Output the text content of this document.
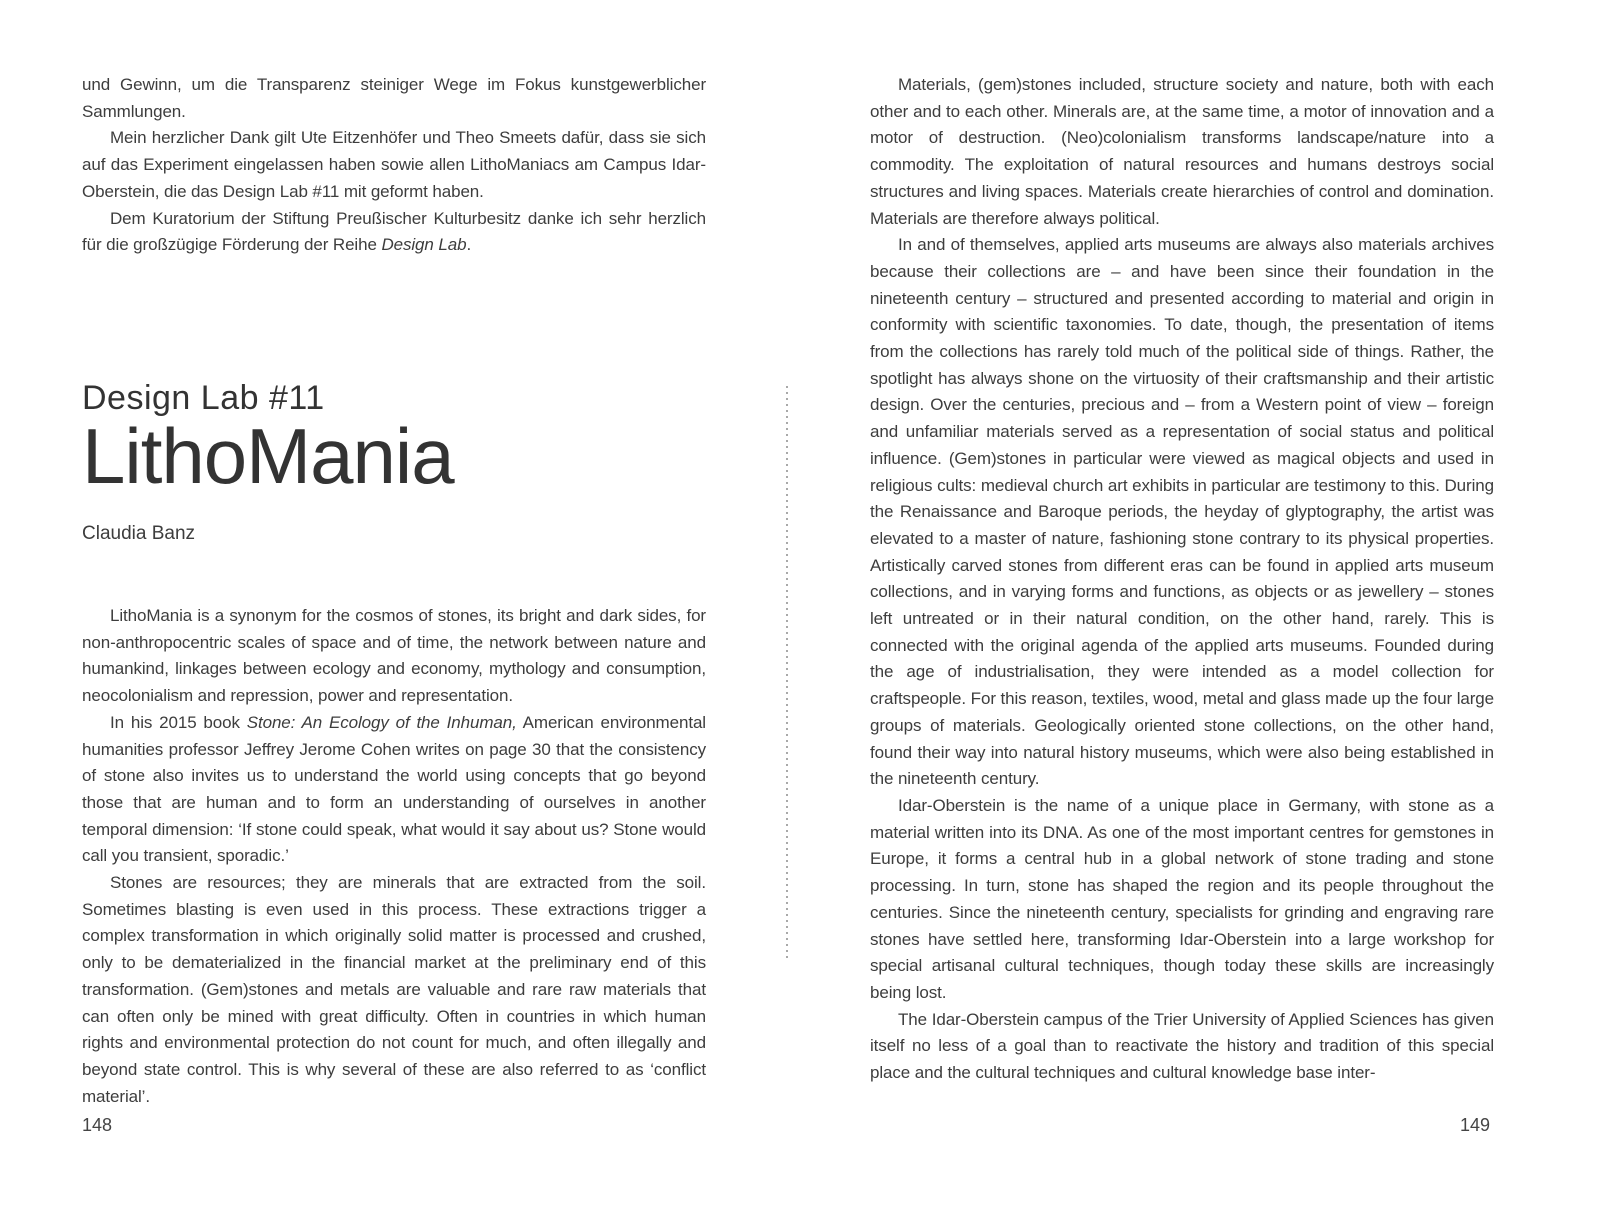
und Gewinn, um die Transparenz steiniger Wege im Fokus kunstgewerblicher Sammlungen.

Mein herzlicher Dank gilt Ute Eitzenhöfer und Theo Smeets dafür, dass sie sich auf das Experiment eingelassen haben sowie allen LithoManiacs am Campus Idar-Oberstein, die das Design Lab #11 mit geformt haben.

Dem Kuratorium der Stiftung Preußischer Kulturbesitz danke ich sehr herzlich für die großzügige Förderung der Reihe Design Lab.

Design Lab #11
LithoMania
Claudia Banz

LithoMania is a synonym for the cosmos of stones, its bright and dark sides, for non-anthropocentric scales of space and of time, the network between nature and humankind, linkages between ecology and economy, mythology and consumption, neocolonialism and repression, power and representation.

In his 2015 book Stone: An Ecology of the Inhuman, American environmental humanities professor Jeffrey Jerome Cohen writes on page 30 that the consistency of stone also invites us to understand the world using concepts that go beyond those that are human and to form an understanding of ourselves in another temporal dimension: ‘If stone could speak, what would it say about us? Stone would call you transient, sporadic.’

Stones are resources; they are minerals that are extracted from the soil. Sometimes blasting is even used in this process. These extractions trigger a complex transformation in which originally solid matter is processed and crushed, only to be dematerialized in the financial market at the preliminary end of this transformation. (Gem)stones and metals are valuable and rare raw materials that can often only be mined with great difficulty. Often in countries in which human rights and environmental protection do not count for much, and often illegally and beyond state control. This is why several of these are also referred to as ‘conflict material’.

148

Materials, (gem)stones included, structure society and nature, both with each other and to each other. Minerals are, at the same time, a motor of innovation and a motor of destruction. (Neo)colonialism transforms landscape/nature into a commodity. The exploitation of natural resources and humans destroys social structures and living spaces. Materials create hierarchies of control and domination. Materials are therefore always political.

In and of themselves, applied arts museums are always also materials archives because their collections are – and have been since their foundation in the nineteenth century – structured and presented according to material and origin in conformity with scientific taxonomies. To date, though, the presentation of items from the collections has rarely told much of the political side of things. Rather, the spotlight has always shone on the virtuosity of their craftsmanship and their artistic design. Over the centuries, precious and – from a Western point of view – foreign and unfamiliar materials served as a representation of social status and political influence. (Gem)stones in particular were viewed as magical objects and used in religious cults: medieval church art exhibits in particular are testimony to this. During the Renaissance and Baroque periods, the heyday of glyptography, the artist was elevated to a master of nature, fashioning stone contrary to its physical properties. Artistically carved stones from different eras can be found in applied arts museum collections, and in varying forms and functions, as objects or as jewellery – stones left untreated or in their natural condition, on the other hand, rarely. This is connected with the original agenda of the applied arts museums. Founded during the age of industrialisation, they were intended as a model collection for craftspeople. For this reason, textiles, wood, metal and glass made up the four large groups of materials. Geologically oriented stone collections, on the other hand, found their way into natural history museums, which were also being established in the nineteenth century.

Idar-Oberstein is the name of a unique place in Germany, with stone as a material written into its DNA. As one of the most important centres for gemstones in Europe, it forms a central hub in a global network of stone trading and stone processing. In turn, stone has shaped the region and its people throughout the centuries. Since the nineteenth century, specialists for grinding and engraving rare stones have settled here, transforming Idar-Oberstein into a large workshop for special artisanal cultural techniques, though today these skills are increasingly being lost.

The Idar-Oberstein campus of the Trier University of Applied Sciences has given itself no less of a goal than to reactivate the history and tradition of this special place and the cultural techniques and cultural knowledge base inter-

149
